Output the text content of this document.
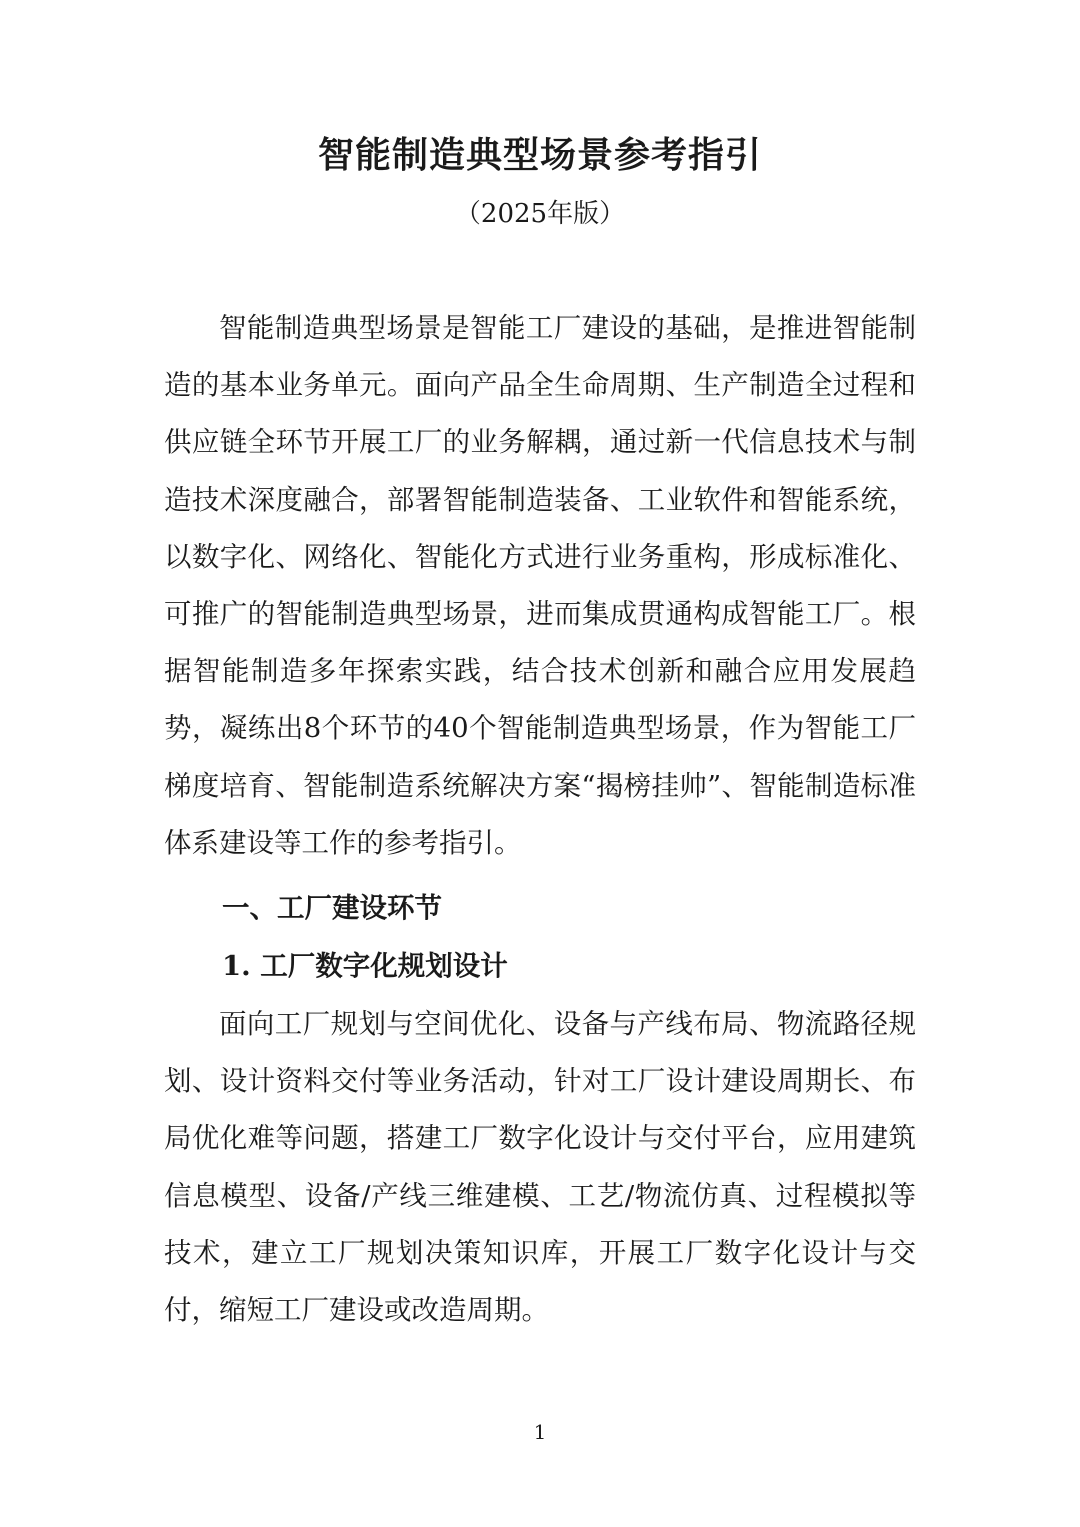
智能制造典型场景参考指引
（2025年版）

智能制造典型场景是智能工厂建设的基础，是推进智能制造的基本业务单元。面向产品全生命周期、生产制造全过程和供应链全环节开展工厂的业务解耦，通过新一代信息技术与制造技术深度融合，部署智能制造装备、工业软件和智能系统，以数字化、网络化、智能化方式进行业务重构，形成标准化、可推广的智能制造典型场景，进而集成贯通构成智能工厂。根据智能制造多年探索实践，结合技术创新和融合应用发展趋势，凝练出8个环节的40个智能制造典型场景，作为智能工厂梯度培育、智能制造系统解决方案“揭榜挂帅”、智能制造标准体系建设等工作的参考指引。

一、工厂建设环节
1. 工厂数字化规划设计

面向工厂规划与空间优化、设备与产线布局、物流路径规划、设计资料交付等业务活动，针对工厂设计建设周期长、布局优化难等问题，搭建工厂数字化设计与交付平台，应用建筑信息模型、设备/产线三维建模、工艺/物流仿真、过程模拟等技术，建立工厂规划决策知识库，开展工厂数字化设计与交付，缩短工厂建设或改造周期。

1
